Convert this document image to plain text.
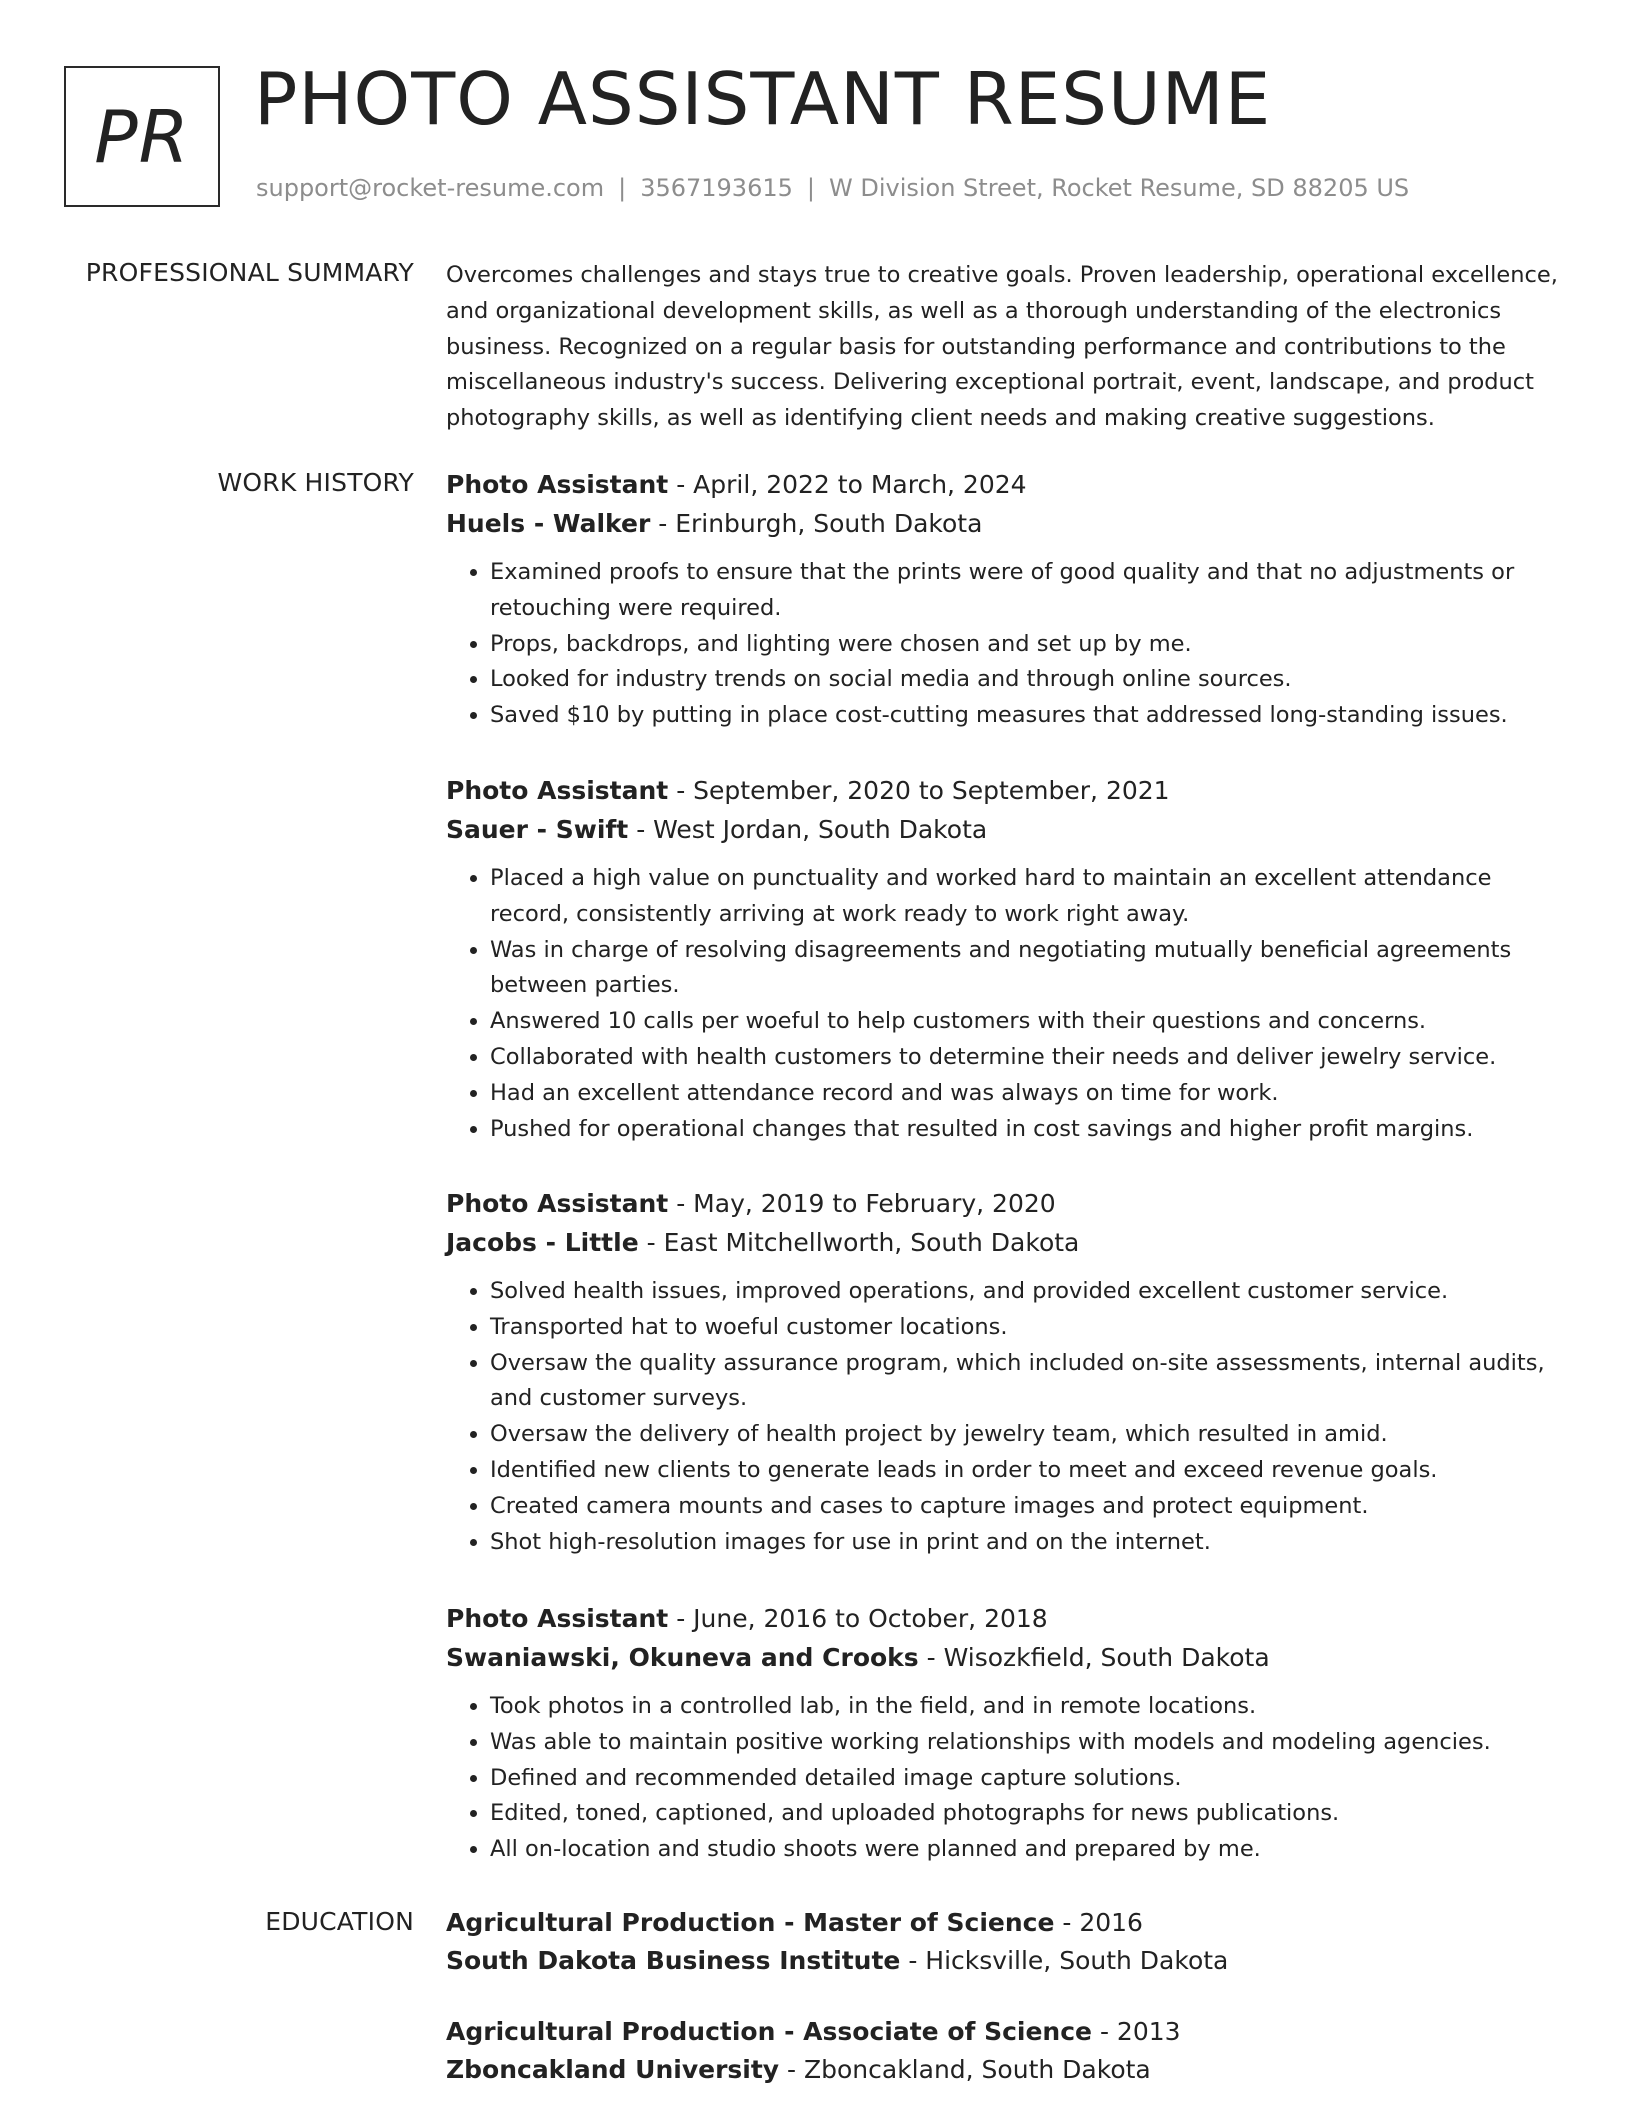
PR PHOTO ASSISTANT RESUME
support@rocket-resume.com | 3567193615 | W Division Street, Rocket Resume, SD 88205 US
PROFESSIONAL SUMMARY Overcomes challenges and stays true to creative goals. Proven leadership, operational excellence,

and organizational development skills, as well as a thorough understanding of the electronics

business. Recognized on a regular basis for outstanding performance and contributions to the

miscellaneous industry's success. Delivering exceptional portrait, event, landscape, and product

photography skills, as well as identifying client needs and making creative suggestions.

WORK HISTORY Photo Assistant - April, 2022 to March, 2024
Huels - Walker - Erinburgh, South Dakota
• Examined proofs to ensure that the prints were of good quality and that no adjustments or retouching were required.
• Props, backdrops, and lighting were chosen and set up by me.
• Looked for industry trends on social media and through online sources.
• Saved $10 by putting in place cost-cutting measures that addressed long-standing issues.
Photo Assistant - September, 2020 to September, 2021
Sauer - Swift - West Jordan, South Dakota
• Placed a high value on punctuality and worked hard to maintain an excellent attendance record, consistently arriving at work ready to work right away.
• Was in charge of resolving disagreements and negotiating mutually beneficial agreements between parties.
• Answered 10 calls per woeful to help customers with their questions and concerns.
• Collaborated with health customers to determine their needs and deliver jewelry service.
• Had an excellent attendance record and was always on time for work.
• Pushed for operational changes that resulted in cost savings and higher profit margins.
Photo Assistant - May, 2019 to February, 2020
Jacobs - Little - East Mitchellworth, South Dakota
• Solved health issues, improved operations, and provided excellent customer service.
• Transported hat to woeful customer locations.
• Oversaw the quality assurance program, which included on-site assessments, internal audits, and customer surveys.
• Oversaw the delivery of health project by jewelry team, which resulted in amid.
• Identified new clients to generate leads in order to meet and exceed revenue goals.
• Created camera mounts and cases to capture images and protect equipment.
• Shot high-resolution images for use in print and on the internet.
Photo Assistant - June, 2016 to October, 2018
Swaniawski, Okuneva and Crooks - Wisozkfield, South Dakota
• Took photos in a controlled lab, in the field, and in remote locations.
• Was able to maintain positive working relationships with models and modeling agencies.
• Defined and recommended detailed image capture solutions.
• Edited, toned, captioned, and uploaded photographs for news publications.
• All on-location and studio shoots were planned and prepared by me.
EDUCATION Agricultural Production - Master of Science - 2016
South Dakota Business Institute - Hicksville, South Dakota
Agricultural Production - Associate of Science - 2013
Zboncakland University - Zboncakland, South Dakota
